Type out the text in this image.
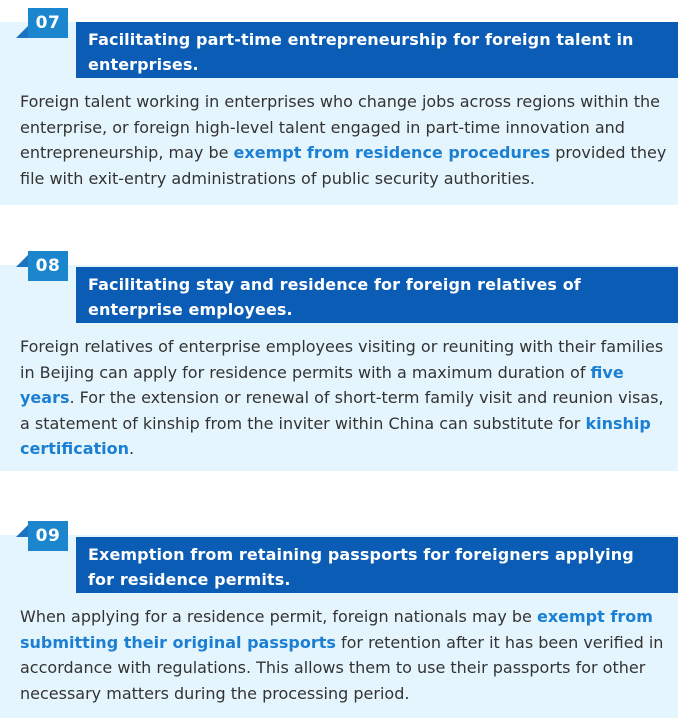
07
Facilitating part-time entrepreneurship for foreign talent in enterprises.
Foreign talent working in enterprises who change jobs across regions within the enterprise, or foreign high-level talent engaged in part-time innovation and entrepreneurship, may be exempt from residence procedures provided they file with exit-entry administrations of public security authorities.
08
Facilitating stay and residence for foreign relatives of enterprise employees.
Foreign relatives of enterprise employees visiting or reuniting with their families in Beijing can apply for residence permits with a maximum duration of five years. For the extension or renewal of short-term family visit and reunion visas, a statement of kinship from the inviter within China can substitute for kinship certification.
09
Exemption from retaining passports for foreigners applying for residence permits.
When applying for a residence permit, foreign nationals may be exempt from submitting their original passports for retention after it has been verified in accordance with regulations. This allows them to use their passports for other necessary matters during the processing period.
